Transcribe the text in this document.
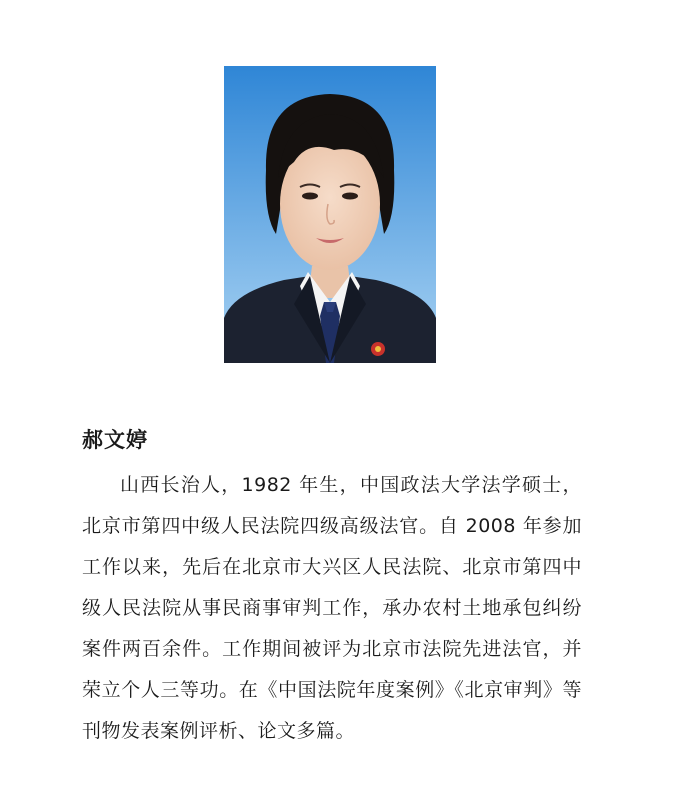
郝文婷

山西长治人，1982 年生，中国政法大学法学硕士，北京市第四中级人民法院四级高级法官。自 2008 年参加工作以来，先后在北京市大兴区人民法院、北京市第四中级人民法院从事民商事审判工作，承办农村土地承包纠纷案件两百余件。工作期间被评为北京市法院先进法官，并荣立个人三等功。在《中国法院年度案例》《北京审判》等刊物发表案例评析、论文多篇。
